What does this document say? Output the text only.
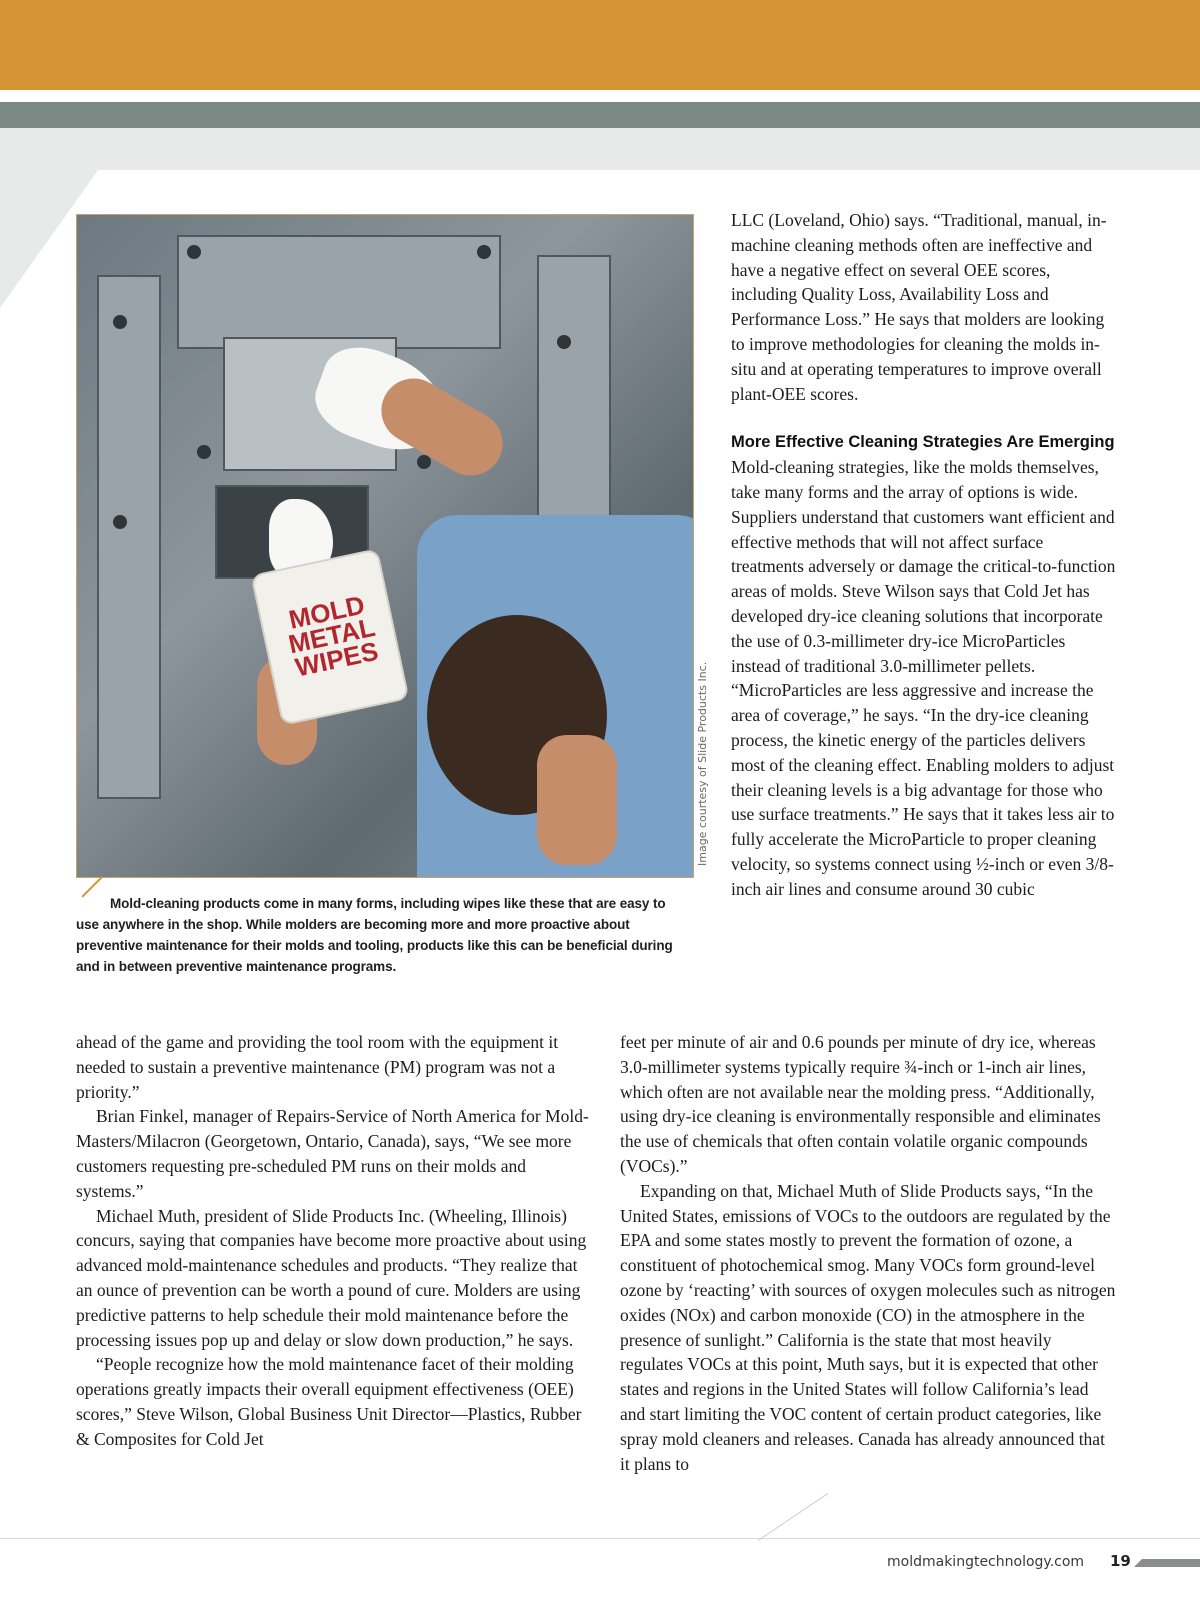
MOLD METAL WIPES
Image courtesy of Slide Products Inc.
Mold-cleaning products come in many forms, including wipes like these that are easy to use anywhere in the shop. While molders are becoming more and more proactive about preventive maintenance for their molds and tooling, products like this can be beneficial during and in between preventive maintenance programs.

LLC (Loveland, Ohio) says. “Traditional, manual, in-machine cleaning methods often are ineffective and have a negative effect on several OEE scores, including Quality Loss, Availability Loss and Performance Loss.” He says that molders are looking to improve methodologies for cleaning the molds in-situ and at operating temperatures to improve overall plant-OEE scores.

More Effective Cleaning Strategies Are Emerging

Mold-cleaning strategies, like the molds themselves, take many forms and the array of options is wide. Suppliers understand that customers want efficient and effective methods that will not affect surface treatments adversely or damage the critical-to-function areas of molds. Steve Wilson says that Cold Jet has developed dry-ice cleaning solutions that incorporate the use of 0.3-millimeter dry-ice MicroParticles instead of traditional 3.0-millimeter pellets. “MicroParticles are less aggressive and increase the area of coverage,” he says. “In the dry-ice cleaning process, the kinetic energy of the particles delivers most of the cleaning effect. Enabling molders to adjust their cleaning levels is a big advantage for those who use surface treatments.” He says that it takes less air to fully accelerate the MicroParticle to proper cleaning velocity, so systems connect using ½-inch or even 3/8-inch air lines and consume around 30 cubic

ahead of the game and providing the tool room with the equipment it needed to sustain a preventive maintenance (PM) program was not a priority.”

Brian Finkel, manager of Repairs-Service of North America for Mold-Masters/Milacron (Georgetown, Ontario, Canada), says, “We see more customers requesting pre-scheduled PM runs on their molds and systems.”

Michael Muth, president of Slide Products Inc. (Wheeling, Illinois) concurs, saying that companies have become more proactive about using advanced mold-maintenance schedules and products. “They realize that an ounce of prevention can be worth a pound of cure. Molders are using predictive patterns to help schedule their mold maintenance before the processing issues pop up and delay or slow down production,” he says.

“People recognize how the mold maintenance facet of their molding operations greatly impacts their overall equipment effectiveness (OEE) scores,” Steve Wilson, Global Business Unit Director—Plastics, Rubber & Composites for Cold Jet

feet per minute of air and 0.6 pounds per minute of dry ice, whereas 3.0-millimeter systems typically require ¾-inch or 1-inch air lines, which often are not available near the molding press. “Additionally, using dry-ice cleaning is environmentally responsible and eliminates the use of chemicals that often contain volatile organic compounds (VOCs).”

Expanding on that, Michael Muth of Slide Products says, “In the United States, emissions of VOCs to the outdoors are regulated by the EPA and some states mostly to prevent the formation of ozone, a constituent of photochemical smog. Many VOCs form ground-level ozone by ‘reacting’ with sources of oxygen molecules such as nitrogen oxides (NOx) and carbon monoxide (CO) in the atmosphere in the presence of sunlight.” California is the state that most heavily regulates VOCs at this point, Muth says, but it is expected that other states and regions in the United States will follow California’s lead and start limiting the VOC content of certain product categories, like spray mold cleaners and releases. Canada has already announced that it plans to

moldmakingtechnology.com 19
